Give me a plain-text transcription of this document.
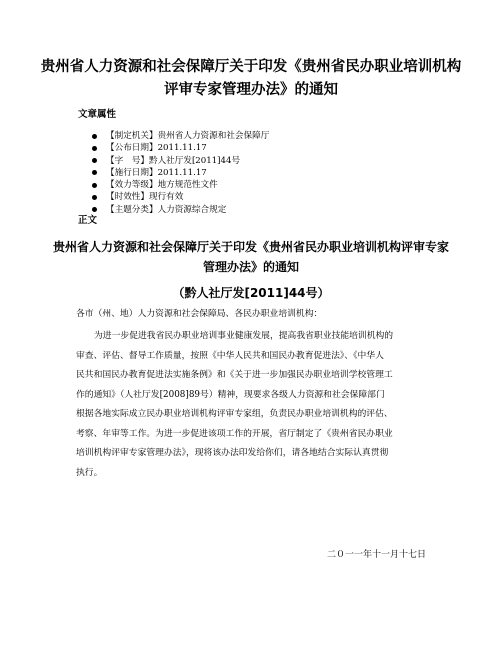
贵州省人力资源和社会保障厅关于印发《贵州省民办职业培训机构评审专家管理办法》的通知
文章属性
【制定机关】贵州省人力资源和社会保障厅
【公布日期】2011.11.17
【字　号】黔人社厅发[2011]44号
【施行日期】2011.11.17
【效力等级】地方规范性文件
【时效性】现行有效
【主题分类】人力资源综合规定
正文
贵州省人力资源和社会保障厅关于印发《贵州省民办职业培训机构评审专家管理办法》的通知

（黔人社厅发[2011]44号）

各市（州、地）人力资源和社会保障局、各民办职业培训机构：

为进一步促进我省民办职业培训事业健康发展，提高我省职业技能培训机构的
审查、评估、督导工作质量，按照《中华人民共和国民办教育促进法》、《中华人
民共和国民办教育促进法实施条例》和《关于进一步加强民办职业培训学校管理工
作的通知》（人社厅发[2008]89号）精神，现要求各级人力资源和社会保障部门
根据各地实际成立民办职业培训机构评审专家组，负责民办职业培训机构的评估、
考察、年审等工作。为进一步促进该项工作的开展，省厅制定了《贵州省民办职业
培训机构评审专家管理办法》，现将该办法印发给你们，请各地结合实际认真贯彻
执行。

二０一一年十一月十七日
